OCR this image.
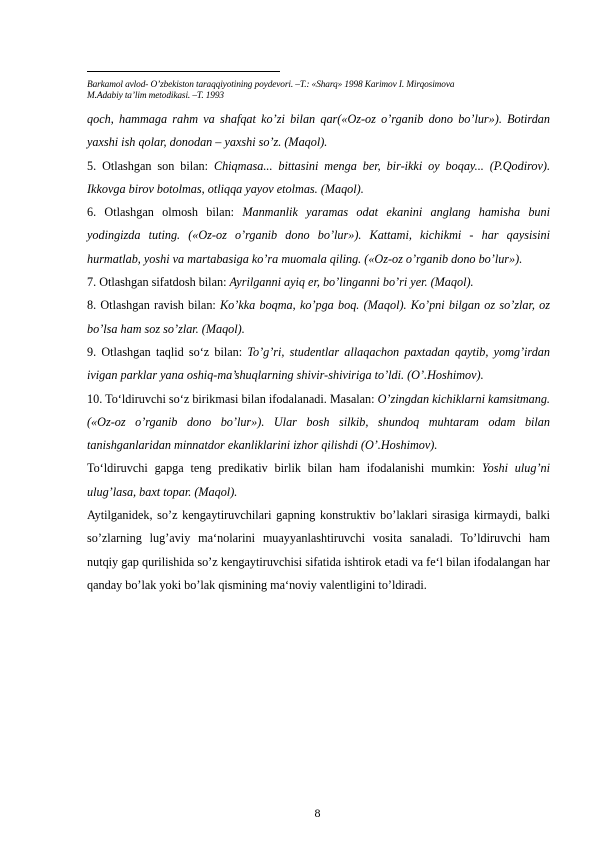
Barkamol avlod- O’zbekiston taraqqiyotining poydevori. –T.: «Sharq» 1998 Karimov I. Mirqosimova
M.Adabiy ta’lim metodikasi. –T. 1993

qoch, hammaga rahm va shafqat ko’zi bilan qar(«Oz-oz o’rganib dono bo’lur»). Botirdan yaxshi ish qolar, donodan – yaxshi so’z. (Maqol).

5. Otlashgan son bilan: Chiqmasa... bittasini menga ber, bir-ikki oy boqay... (P.Qodirov). Ikkovga birov botolmas, otliqqa yayov etolmas. (Maqol).

6. Otlashgan olmosh bilan: Manmanlik yaramas odat ekanini anglang hamisha buni yodingizda tuting. («Oz-oz o’rganib dono bo’lur»). Kattami, kichikmi - har qaysisini hurmatlab, yoshi va martabasiga ko’ra muomala qiling. («Oz-oz o’rganib dono bo’lur»).

7. Otlashgan sifatdosh bilan: Ayrilganni ayiq er, bo’linganni bo’ri yer. (Maqol).

8. Otlashgan ravish bilan: Ko’kka boqma, ko’pga boq. (Maqol). Ko’pni bilgan oz so’zlar, oz bo’lsa ham soz so’zlar. (Maqol).

9. Otlashgan taqlid so‘z bilan: To’g’ri, studentlar allaqachon paxtadan qaytib, yomg’irdan ivigan parklar yana oshiq-ma’shuqlarning shivir-shiviriga to’ldi. (O’.Hoshimov).

10. To‘ldiruvchi so‘z birikmasi bilan ifodalanadi. Masalan: O’zingdan kichiklarni kamsitmang. («Oz-oz o’rganib dono bo’lur»). Ular bosh silkib, shundoq muhtaram odam bilan tanishganlaridan minnatdor ekanliklarini izhor qilishdi (O’.Hoshimov).

To‘ldiruvchi gapga teng predikativ birlik bilan ham ifodalanishi mumkin: Yoshi ulug’ni ulug’lasa, baxt topar. (Maqol).

Aytilganidek, so’z kengaytiruvchilari gapning konstruktiv bo’laklari sirasiga kirmaydi, balki so’zlarning lug’aviy ma‘nolarini muayyanlashtiruvchi vosita sanaladi. To’ldiruvchi ham nutqiy gap qurilishida so’z kengaytiruvchisi sifatida ishtirok etadi va fe‘l bilan ifodalangan har qanday bo’lak yoki bo’lak qismining ma‘noviy valentligini to’ldiradi.

8
